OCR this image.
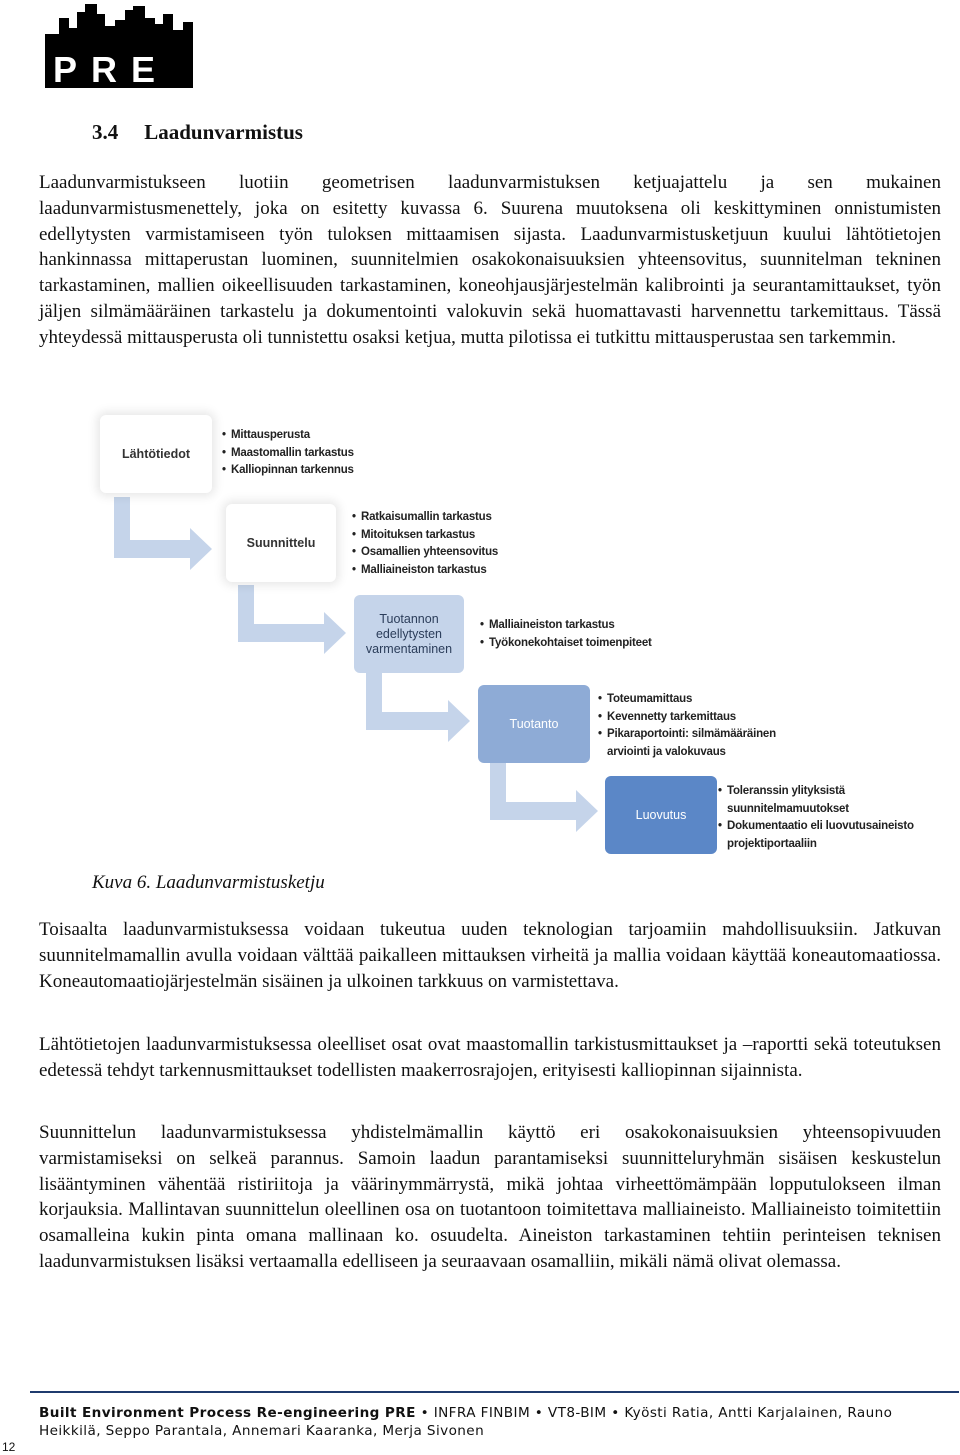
PRE
3.4 Laadunvarmistus

Laadunvarmistukseen luotiin geometrisen laadunvarmistuksen ketjuajattelu ja sen mukainen laadunvarmistusmenettely, joka on esitetty kuvassa 6. Suurena muutoksena oli keskittyminen onnistumisten edellytysten varmistamiseen työn tuloksen mittaamisen sijasta. Laadunvarmistusketjuun kuului lähtötietojen hankinnassa mittaperustan luominen, suunnitelmien osakokonaisuuksien yhteensovitus, suunnitelman tekninen tarkastaminen, mallien oikeellisuuden tarkastaminen, koneohjausjärjestelmän kalibrointi ja seurantamittaukset, työn jäljen silmämääräinen tarkastelu ja dokumentointi valokuvin sekä huomattavasti harvennettu tarkemittaus. Tässä yhteydessä mittausperusta oli tunnistettu osaksi ketjua, mutta pilotissa ei tutkittu mittausperustaa sen tarkemmin.

Lähtötiedot
• Mittausperusta
• Maastomallin tarkastus
• Kalliopinnan tarkennus
Suunnittelu
• Ratkaisumallin tarkastus
• Mitoituksen tarkastus
• Osamallien yhteensovitus
• Malliaineiston tarkastus
Tuotannon edellytysten varmentaminen
• Malliaineiston tarkastus
• Työkonekohtaiset toimenpiteet
Tuotanto
• Toteumamittaus
• Kevennetty tarkemittaus
• Pikaraportointi: silmämääräinen
arviointi ja valokuvaus
Luovutus
• Toleranssin ylityksistä
suunnitelmamuutokset
• Dokumentaatio eli luovutusaineisto
projektiportaaliin

Kuva 6. Laadunvarmistusketju

Toisaalta laadunvarmistuksessa voidaan tukeutua uuden teknologian tarjoamiin mahdollisuuksiin. Jatkuvan suunnitelmamallin avulla voidaan välttää paikalleen mittauksen virheitä ja mallia voidaan käyttää koneautomaatiossa. Koneautomaatiojärjestelmän sisäinen ja ulkoinen tarkkuus on varmistettava.

Lähtötietojen laadunvarmistuksessa oleelliset osat ovat maastomallin tarkistusmittaukset ja –raportti sekä toteutuksen edetessä tehdyt tarkennusmittaukset todellisten maakerrosrajojen, erityisesti kalliopinnan sijainnista.

Suunnittelun laadunvarmistuksessa yhdistelmämallin käyttö eri osakokonaisuuksien yhteensopivuuden varmistamiseksi on selkeä parannus. Samoin laadun parantamiseksi suunnitteluryhmän sisäisen keskustelun lisääntyminen vähentää ristiriitoja ja väärinymmärrystä, mikä johtaa virheettömämpään lopputulokseen ilman korjauksia. Mallintavan suunnittelun oleellinen osa on tuotantoon toimitettava malliaineisto. Malliaineisto toimitettiin osamalleina kukin pinta omana mallinaan ko. osuudelta. Aineiston tarkastaminen tehtiin perinteisen teknisen laadunvarmistuksen lisäksi vertaamalla edelliseen ja seuraavaan osamalliin, mikäli nämä olivat olemassa.

Built Environment Process Re-engineering PRE • INFRA FINBIM • VT8-BIM • Kyösti Ratia, Antti Karjalainen, Rauno Heikkilä, Seppo Parantala, Annemari Kaaranka, Merja Sivonen

12
